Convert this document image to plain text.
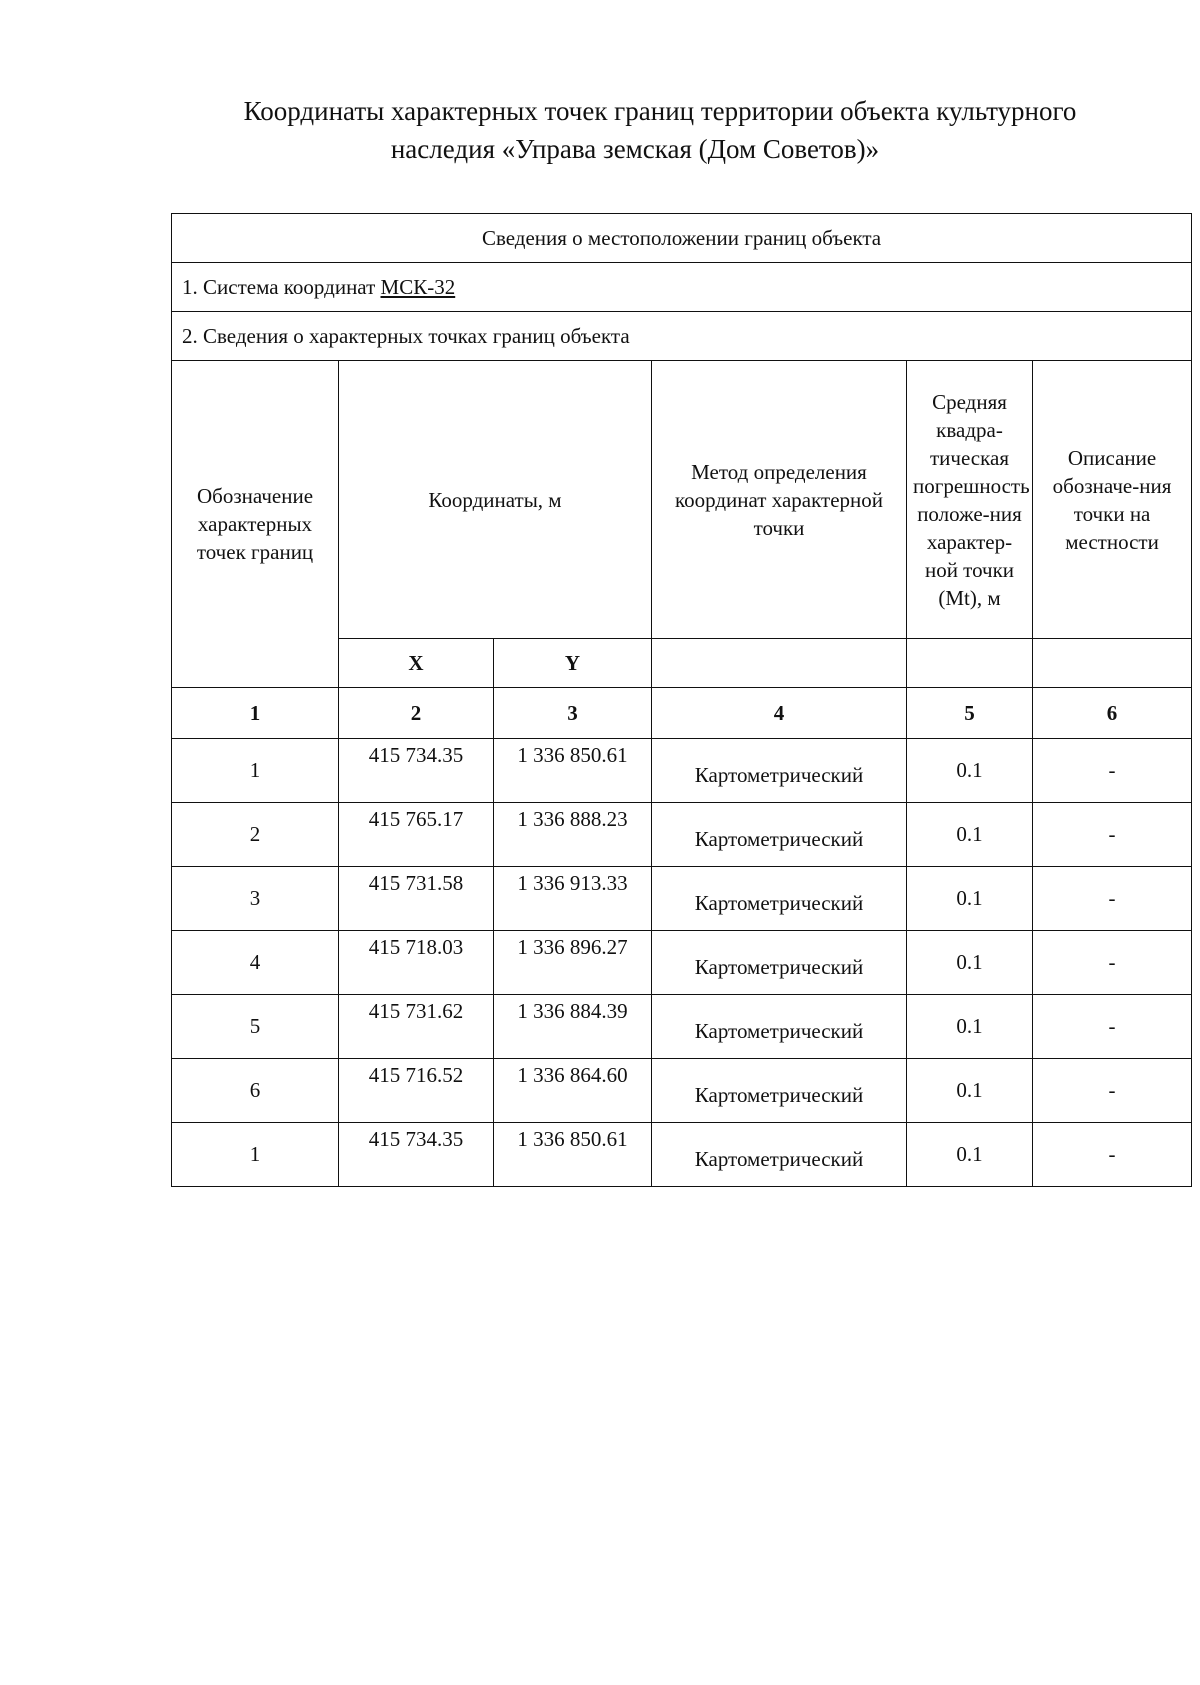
Координаты характерных точек границ территории объекта культурного
наследия «Управа земская (Дом Советов)»
Сведения о местоположении границ объекта					
1. Система координат МСК-32					
2. Сведения о характерных точках границ объекта					
Обозначение характерных точек границ	Координаты, м		Метод определения координат характерной точки	Средняя квадра-тическая погрешность положе-ния характер-ной точки (Mt), м	Описание обозначе-ния точки на местности
	X	Y			
1	2	3	4	5	6
1	415 734.35	1 336 850.61	Картометрический	0.1	-
2	415 765.17	1 336 888.23	Картометрический	0.1	-
3	415 731.58	1 336 913.33	Картометрический	0.1	-
4	415 718.03	1 336 896.27	Картометрический	0.1	-
5	415 731.62	1 336 884.39	Картометрический	0.1	-
6	415 716.52	1 336 864.60	Картометрический	0.1	-
1	415 734.35	1 336 850.61	Картометрический	0.1	-
